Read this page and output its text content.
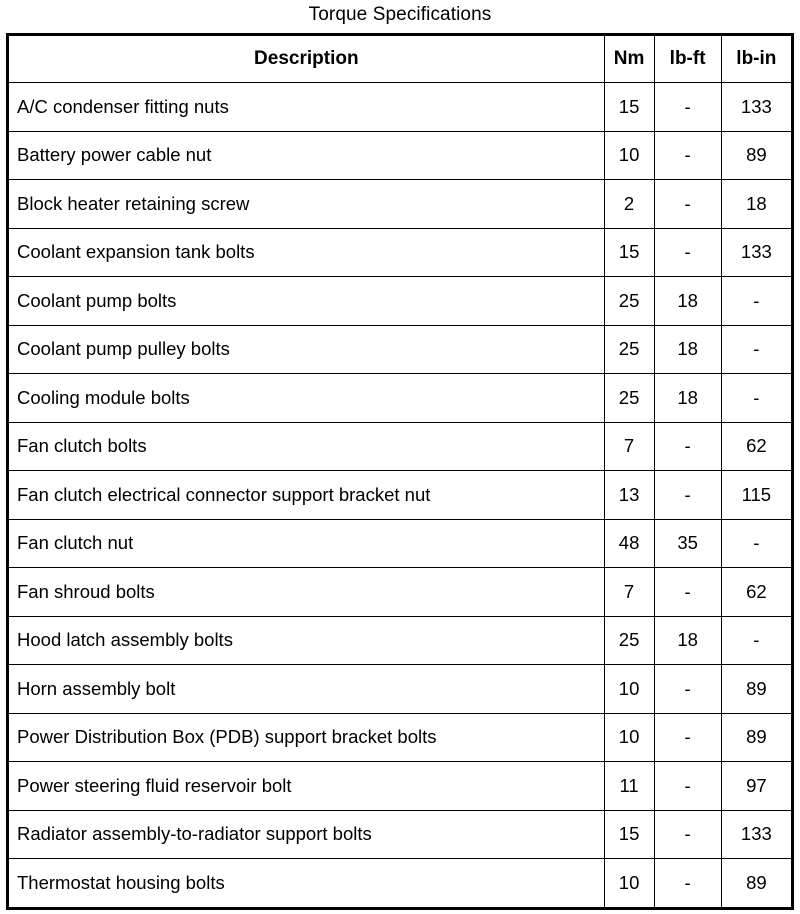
Torque Specifications
Description	Nm	lb-ft	lb-in
A/C condenser fitting nuts	15	-	133
Battery power cable nut	10	-	89
Block heater retaining screw	2	-	18
Coolant expansion tank bolts	15	-	133
Coolant pump bolts	25	18	-
Coolant pump pulley bolts	25	18	-
Cooling module bolts	25	18	-
Fan clutch bolts	7	-	62
Fan clutch electrical connector support bracket nut	13	-	115
Fan clutch nut	48	35	-
Fan shroud bolts	7	-	62
Hood latch assembly bolts	25	18	-
Horn assembly bolt	10	-	89
Power Distribution Box (PDB) support bracket bolts	10	-	89
Power steering fluid reservoir bolt	11	-	97
Radiator assembly-to-radiator support bolts	15	-	133
Thermostat housing bolts	10	-	89
